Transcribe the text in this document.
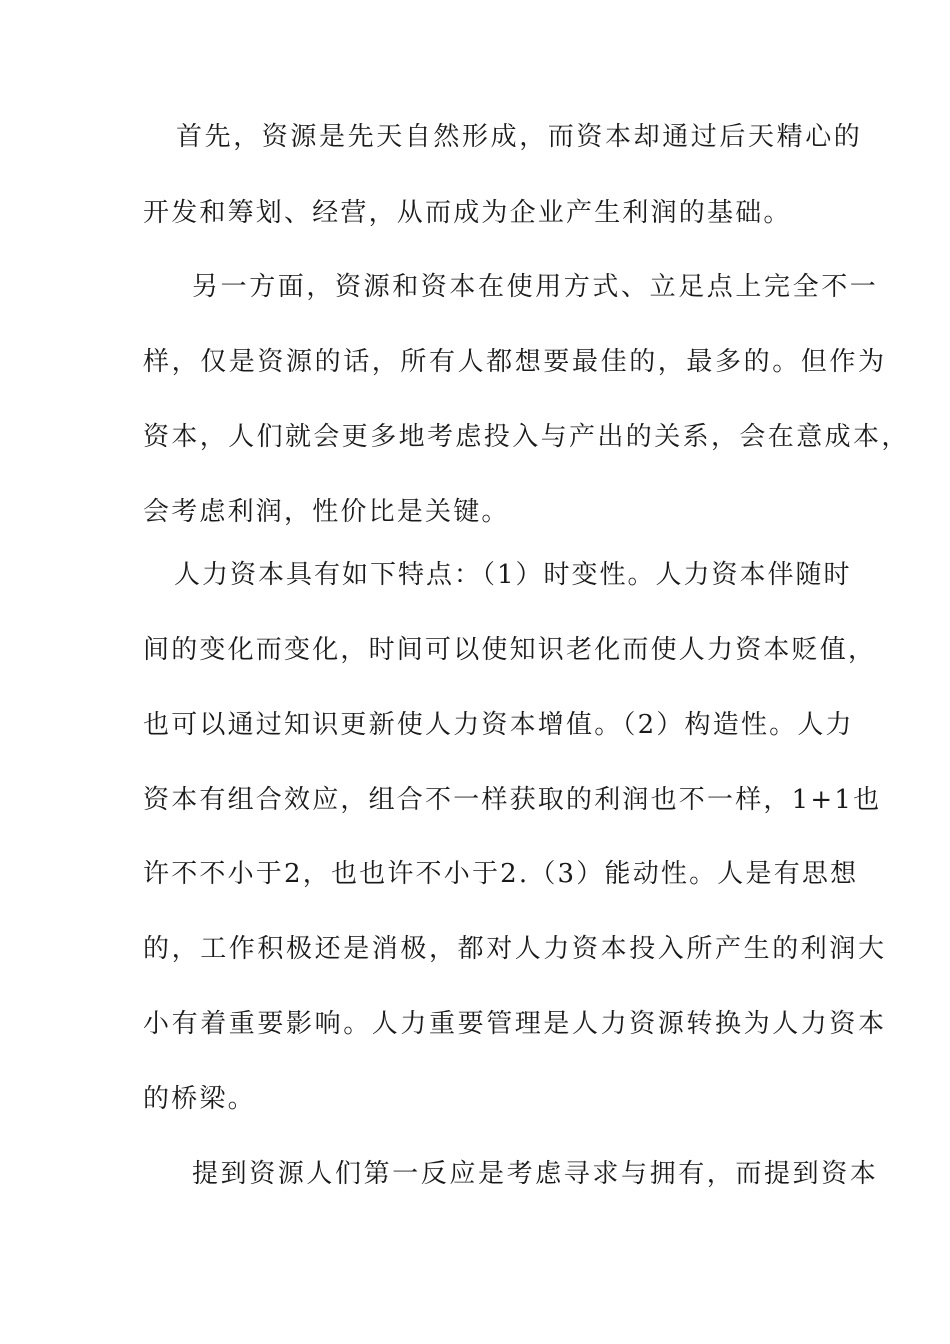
首先，资源是先天自然形成，而资本却通过后天精心的
开发和筹划、经营，从而成为企业产生利润的基础。
另一方面，资源和资本在使用方式、立足点上完全不一
样，仅是资源的话，所有人都想要最佳的，最多的。但作为
资本，人们就会更多地考虑投入与产出的关系，会在意成本，
会考虑利润，性价比是关键。
人力资本具有如下特点：（1）时变性。人力资本伴随时
间的变化而变化，时间可以使知识老化而使人力资本贬值，
也可以通过知识更新使人力资本增值。（2）构造性。人力
资本有组合效应，组合不一样获取的利润也不一样，1+1也
许不不小于2，也也许不小于2.（3）能动性。人是有思想
的，工作积极还是消极，都对人力资本投入所产生的利润大
小有着重要影响。人力重要管理是人力资源转换为人力资本
的桥梁。
提到资源人们第一反应是考虑寻求与拥有，而提到资本
